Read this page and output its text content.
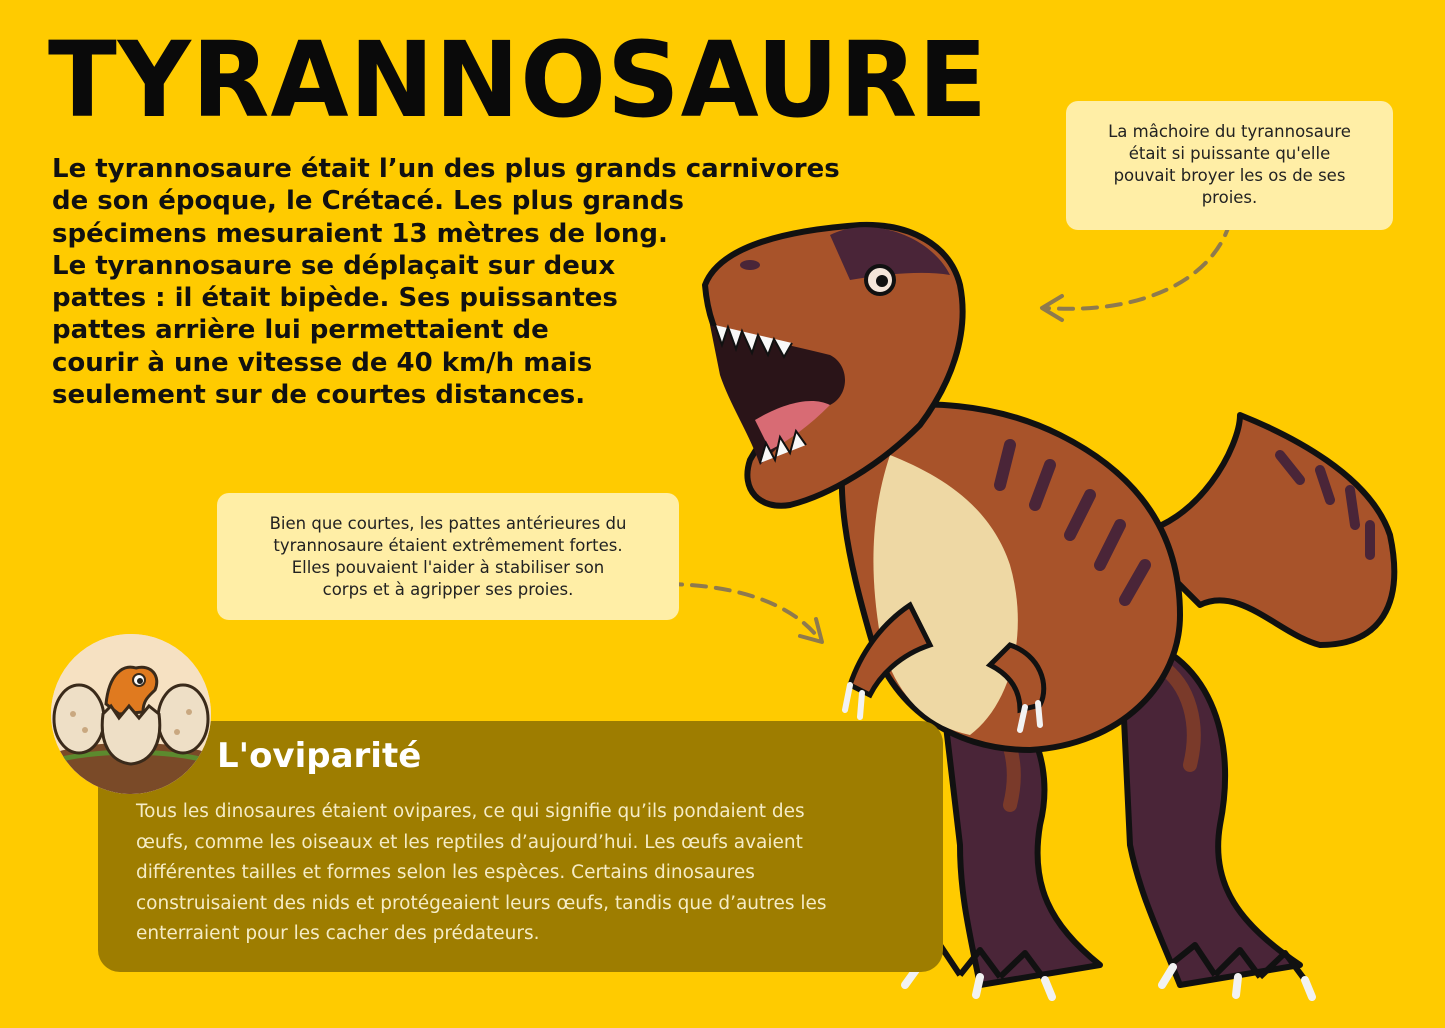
TYRANNOSAURE
Le tyrannosaure était l’un des plus grands carnivores
de son époque, le Crétacé. Les plus grands
spécimens mesuraient 13 mètres de long.
Le tyrannosaure se déplaçait sur deux
pattes : il était bipède. Ses puissantes
pattes arrière lui permettaient de
courir à une vitesse de 40 km/h mais
seulement sur de courtes distances.
La mâchoire du tyrannosaure
était si puissante qu'elle
pouvait broyer les os de ses
proies.
Bien que courtes, les pattes antérieures du
tyrannosaure étaient extrêmement fortes.
Elles pouvaient l'aider à stabiliser son
corps et à agripper ses proies.
L'oviparité
Tous les dinosaures étaient ovipares, ce qui signifie qu’ils pondaient des
œufs, comme les oiseaux et les reptiles d’aujourd’hui. Les œufs avaient
différentes tailles et formes selon les espèces. Certains dinosaures
construisaient des nids et protégeaient leurs œufs, tandis que d’autres les
enterraient pour les cacher des prédateurs.
